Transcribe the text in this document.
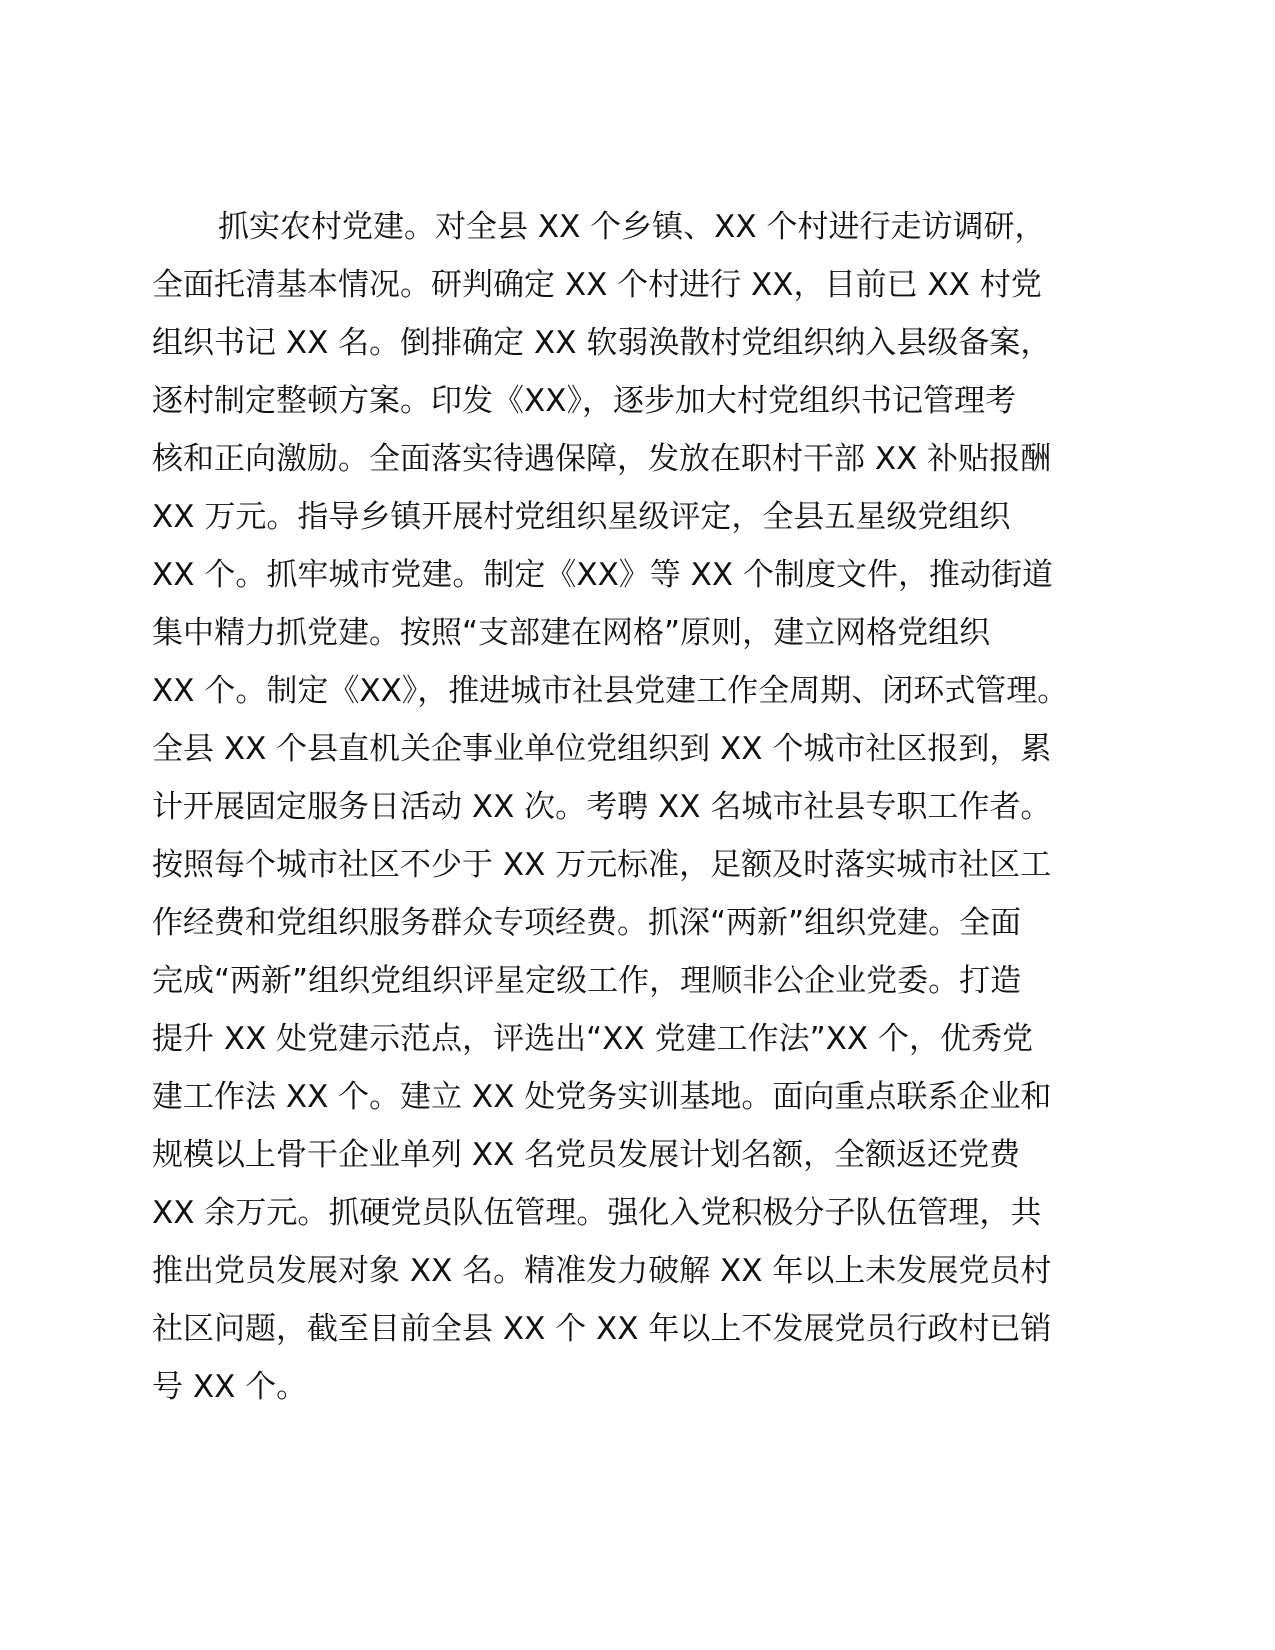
抓实农村党建。对全县 XX 个乡镇、XX 个村进行走访调研，
全面托清基本情况。研判确定 XX 个村进行 XX，目前已 XX 村党
组织书记 XX 名。倒排确定 XX 软弱涣散村党组织纳入县级备案，
逐村制定整顿方案。印发《XX》，逐步加大村党组织书记管理考
核和正向激励。全面落实待遇保障，发放在职村干部 XX 补贴报酬
XX 万元。指导乡镇开展村党组织星级评定，全县五星级党组织
XX 个。抓牢城市党建。制定《XX》等 XX 个制度文件，推动街道
集中精力抓党建。按照“支部建在网格”原则，建立网格党组织
XX 个。制定《XX》，推进城市社县党建工作全周期、闭环式管理。
全县 XX 个县直机关企事业单位党组织到 XX 个城市社区报到，累
计开展固定服务日活动 XX 次。考聘 XX 名城市社县专职工作者。
按照每个城市社区不少于 XX 万元标准，足额及时落实城市社区工
作经费和党组织服务群众专项经费。抓深“两新”组织党建。全面
完成“两新”组织党组织评星定级工作，理顺非公企业党委。打造
提升 XX 处党建示范点，评选出“XX 党建工作法”XX 个，优秀党
建工作法 XX 个。建立 XX 处党务实训基地。面向重点联系企业和
规模以上骨干企业单列 XX 名党员发展计划名额，全额返还党费
XX 余万元。抓硬党员队伍管理。强化入党积极分子队伍管理，共
推出党员发展对象 XX 名。精准发力破解 XX 年以上未发展党员村
社区问题，截至目前全县 XX 个 XX 年以上不发展党员行政村已销
号 XX 个。
